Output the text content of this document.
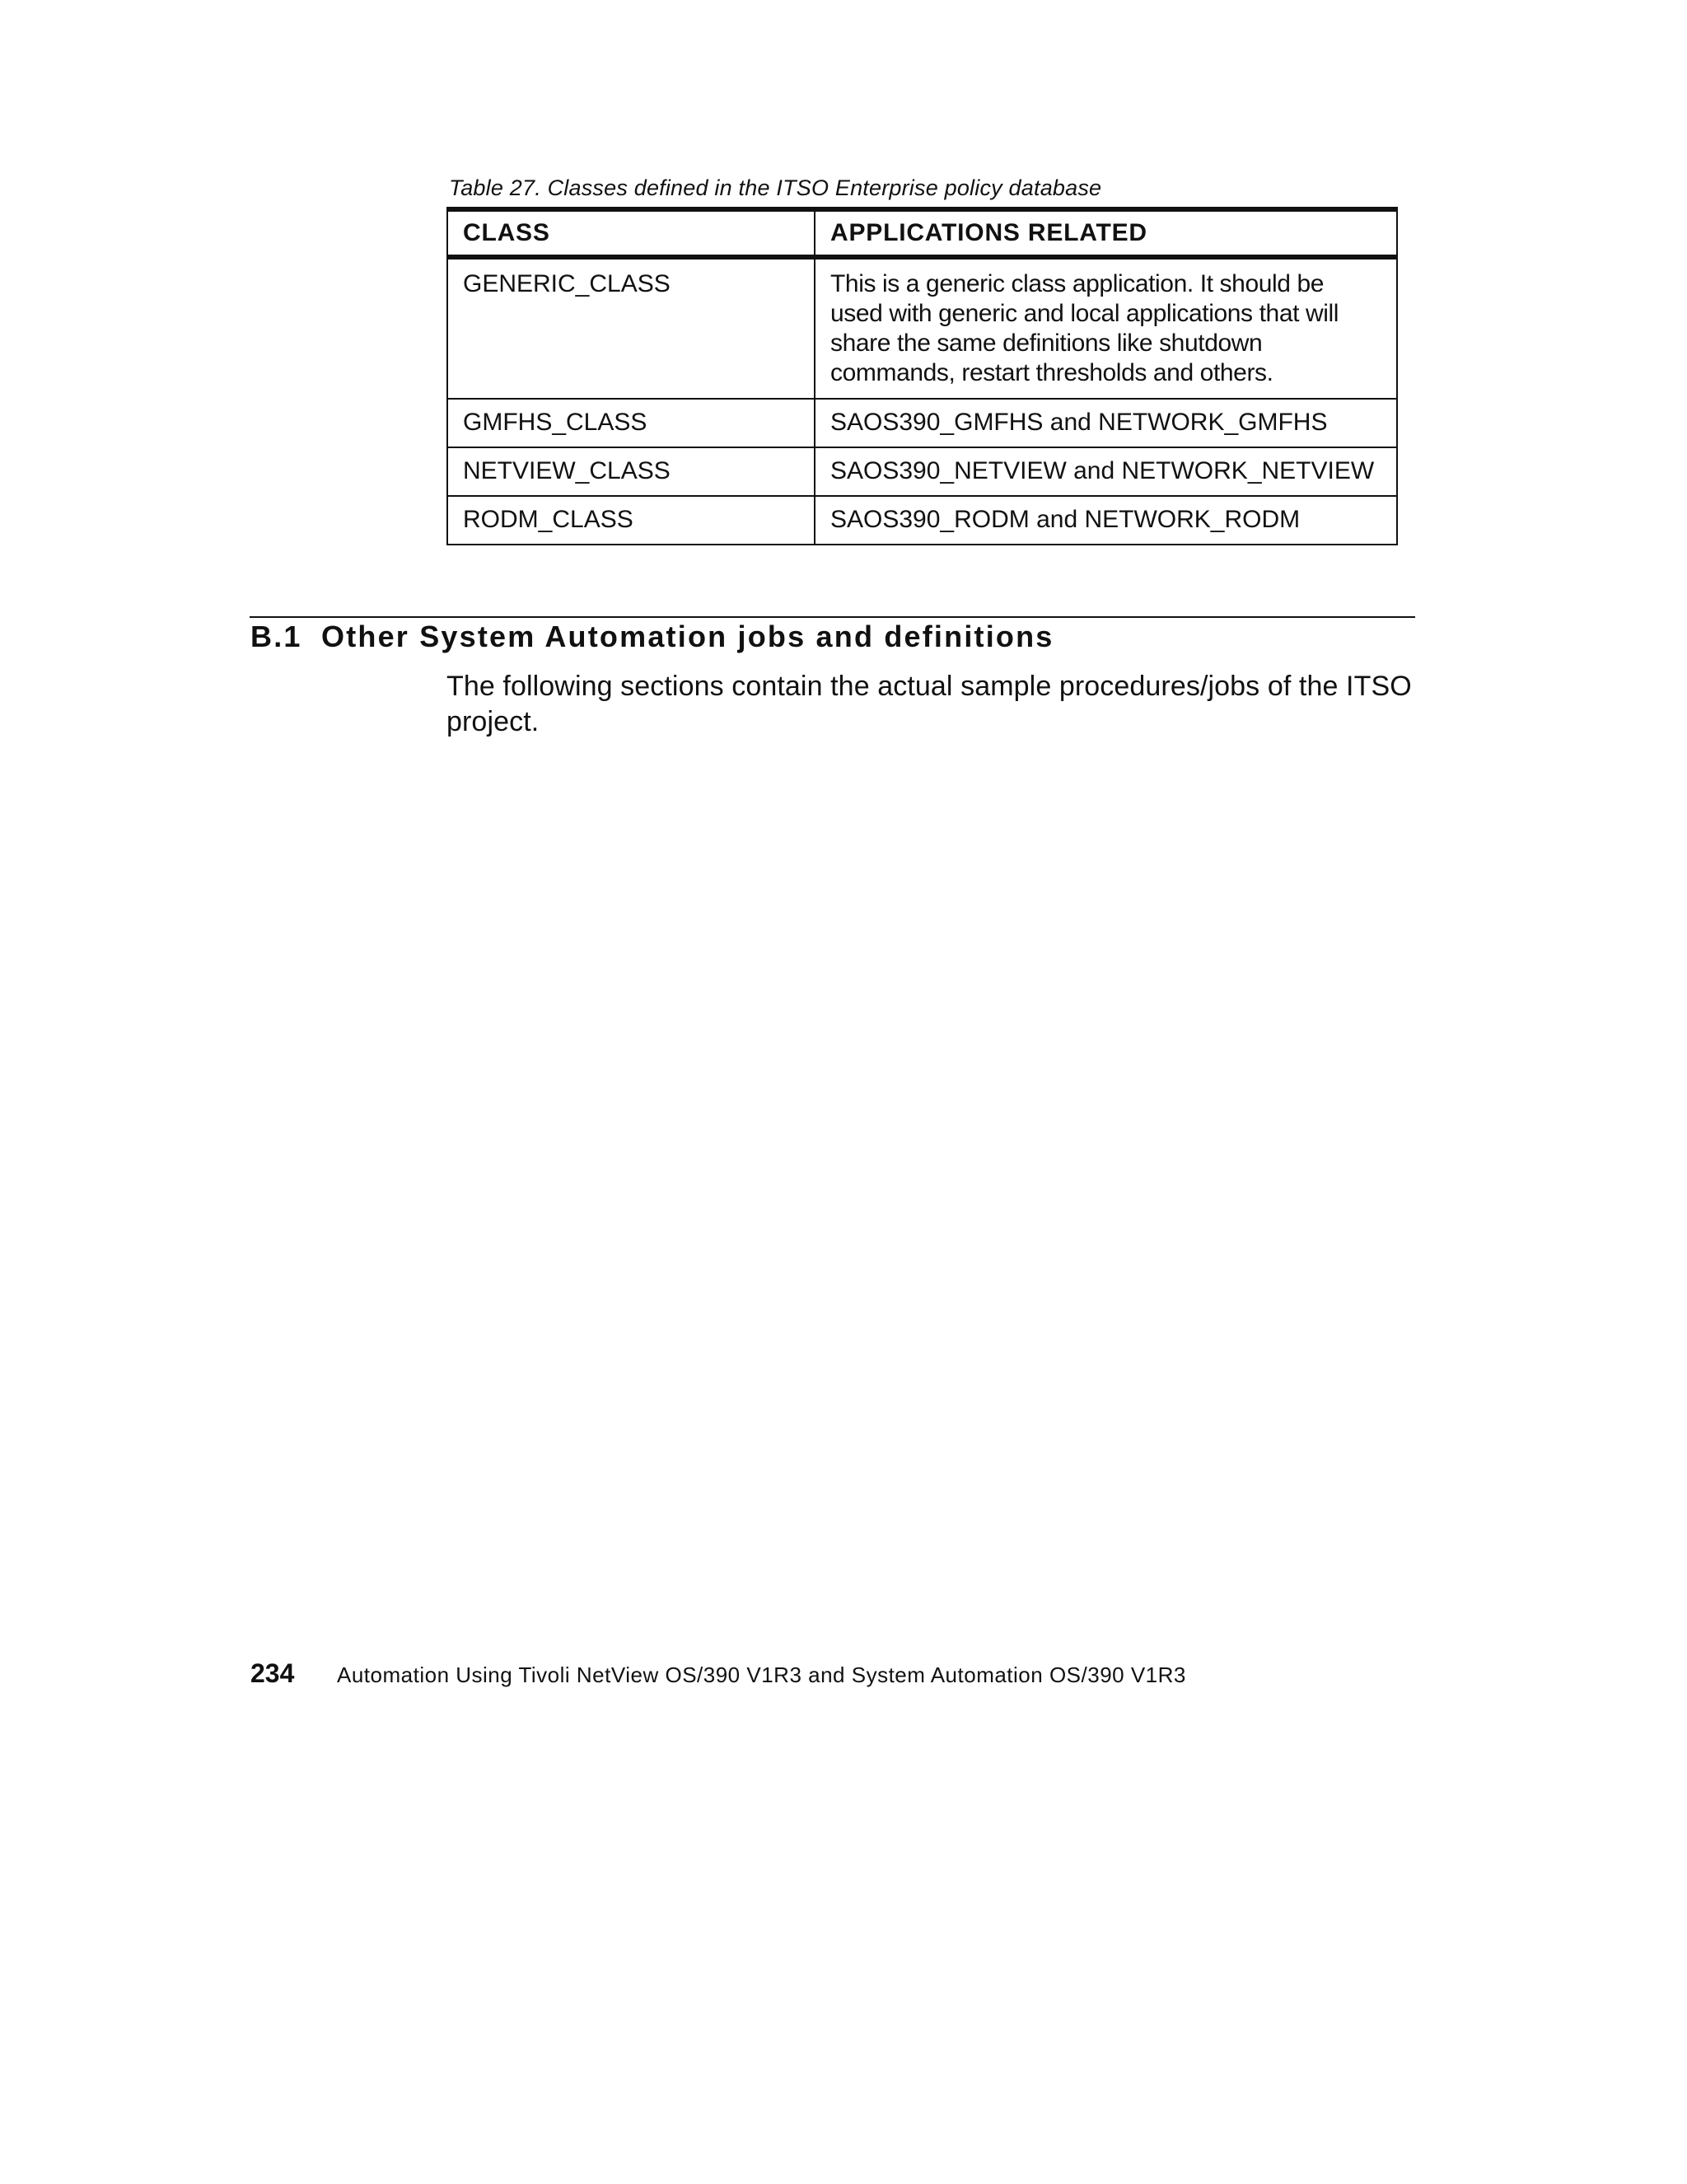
Table 27. Classes defined in the ITSO Enterprise policy database
CLASS	APPLICATIONS RELATED
GENERIC_CLASS	This is a generic class application. It should be used with generic and local applications that will share the same definitions like shutdown commands, restart thresholds and others.
GMFHS_CLASS	SAOS390_GMFHS and NETWORK_GMFHS
NETVIEW_CLASS	SAOS390_NETVIEW and NETWORK_NETVIEW
RODM_CLASS	SAOS390_RODM and NETWORK_RODM
B.1 Other System Automation jobs and definitions

The following sections contain the actual sample procedures/jobs of the ITSO project.

234 Automation Using Tivoli NetView OS/390 V1R3 and System Automation OS/390 V1R3
